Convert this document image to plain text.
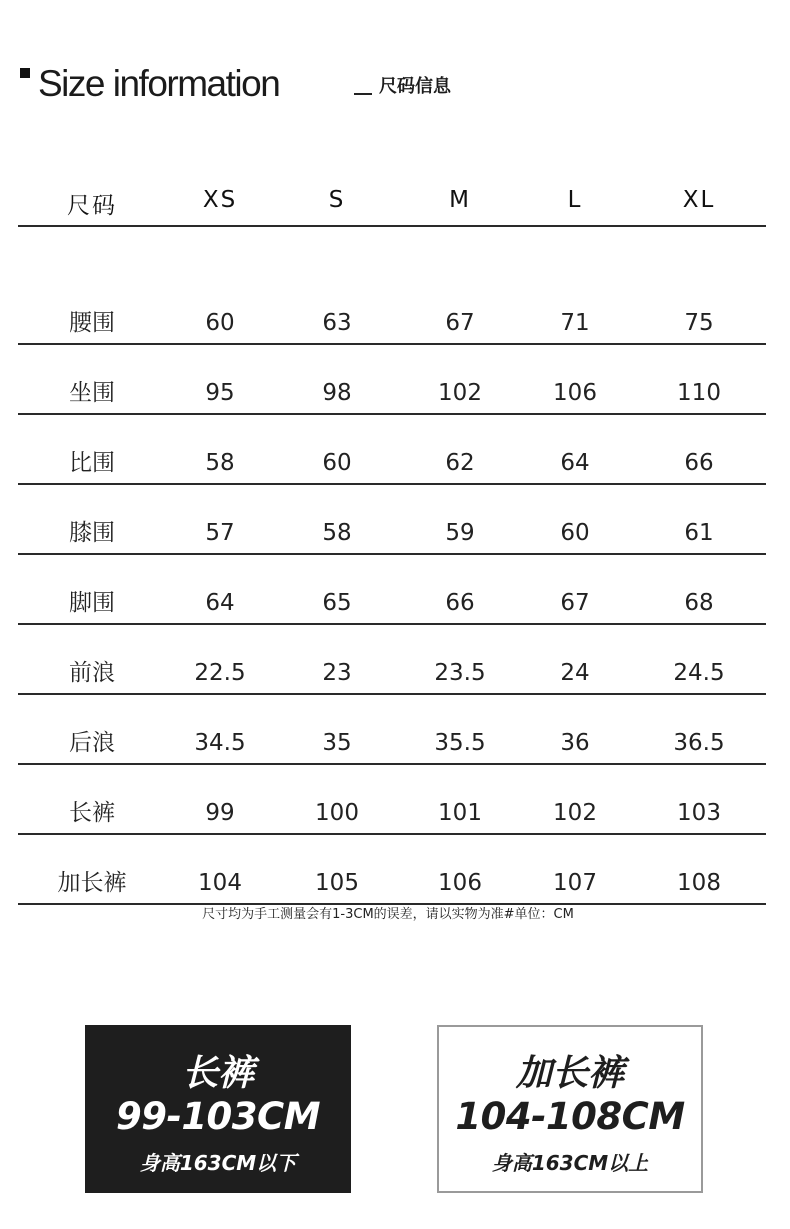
Size information	尺码信息
尺码	XS	S	M	L	XL
腰围	60	63	67	71	75
坐围	95	98	102	106	110
比围	58	60	62	64	66
膝围	57	58	59	60	61
脚围	64	65	66	67	68
前浪	22.5	23	23.5	24	24.5
后浪	34.5	35	35.5	36	36.5
长裤	99	100	101	102	103
加长裤	104	105	106	107	108
尺寸均为手工测量会有1-3CM的误差，请以实物为准#单位：CM
长裤
99-103CM
身高163CM以下
加长裤
104-108CM
身高163CM以上
